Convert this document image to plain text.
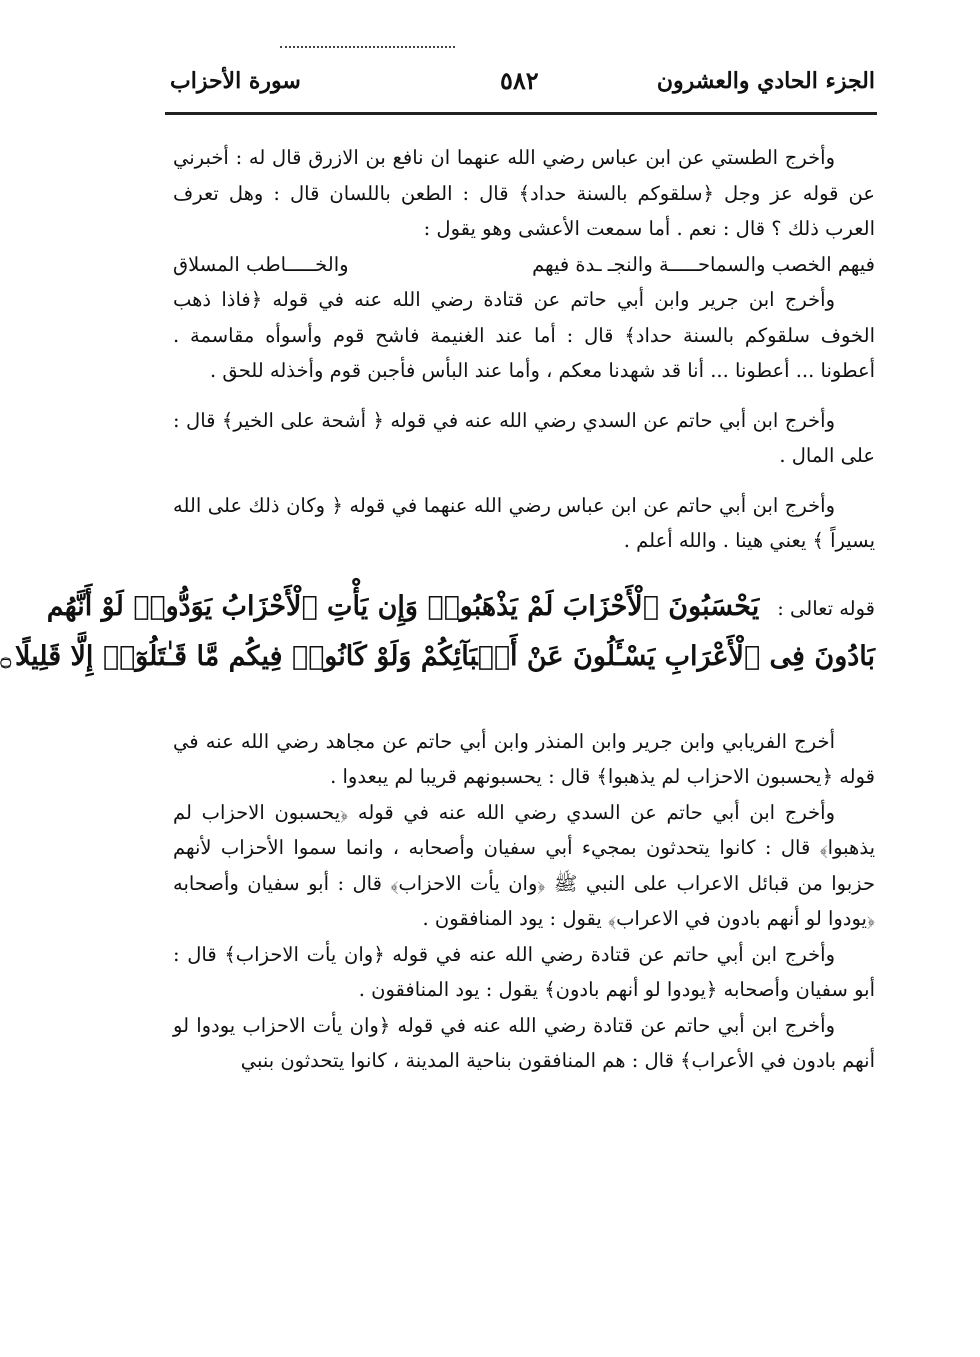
الجزء الحادي والعشرون
٥٨٢
سورة الأحزاب

وأخرج الطستي عن ابن عباس رضي الله عنهما ان نافع بن الازرق قال له : أخبرني عن قوله عز وجل ﴿سلقوكم بالسنة حداد﴾ قال : الطعن باللسان قال : وهل تعرف العرب ذلك ؟ قال : نعم . أما سمعت الأعشى وهو يقول :

فيهم الخصب والسماحـــــة والنجـ ـدة فيهم
والخـــــاطب المسلاق

وأخرج ابن جرير وابن أبي حاتم عن قتادة رضي الله عنه في قوله ﴿فاذا ذهب الخوف سلقوكم بالسنة حداد﴾ قال : أما عند الغنيمة فاشح قوم وأسوأه مقاسمة . أعطونا ... أعطونا ... أنا قد شهدنا معكم ، وأما عند البأس فأجبن قوم وأخذله للحق .

وأخرج ابن أبي حاتم عن السدي رضي الله عنه في قوله ﴿ أشحة على الخير﴾ قال : على المال .

وأخرج ابن أبي حاتم عن ابن عباس رضي الله عنهما في قوله ﴿ وكان ذلك على الله يسيراً ﴾ يعني هينا . والله أعلم .

قوله تعالى :يَحْسَبُونَ ٱلْأَحْزَابَ لَمْ يَذْهَبُوا۟ وَإِن يَأْتِ ٱلْأَحْزَابُ يَوَدُّوا۟ لَوْ أَنَّهُم
بَادُونَ فِى ٱلْأَعْرَابِ يَسْـَٔلُونَ عَنْ أَنۢبَآئِكُمْ وَلَوْ كَانُوا۟ فِيكُم مَّا قَـٰتَلُوٓا۟ إِلَّا قَلِيلًا۝

أخرج الفريابي وابن جرير وابن المنذر وابن أبي حاتم عن مجاهد رضي الله عنه في قوله ﴿يحسبون الاحزاب لم يذهبوا﴾ قال : يحسبونهم قريبا لم يبعدوا .

وأخرج ابن أبي حاتم عن السدي رضي الله عنه في قوله ﴿يحسبون الاحزاب لم يذهبوا﴾ قال : كانوا يتحدثون بمجيء أبي سفيان وأصحابه ، وانما سموا الأحزاب لأنهم حزبوا من قبائل الاعراب على النبي ﷺ ﴿وان يأت الاحزاب﴾ قال : أبو سفيان وأصحابه ﴿يودوا لو أنهم بادون في الاعراب﴾ يقول : يود المنافقون .

وأخرج ابن أبي حاتم عن قتادة رضي الله عنه في قوله ﴿وان يأت الاحزاب﴾ قال : أبو سفيان وأصحابه ﴿يودوا لو أنهم بادون﴾ يقول : يود المنافقون .

وأخرج ابن أبي حاتم عن قتادة رضي الله عنه في قوله ﴿وان يأت الاحزاب يودوا لو أنهم بادون في الأعراب﴾ قال : هم المنافقون بناحية المدينة ، كانوا يتحدثون بنبي
